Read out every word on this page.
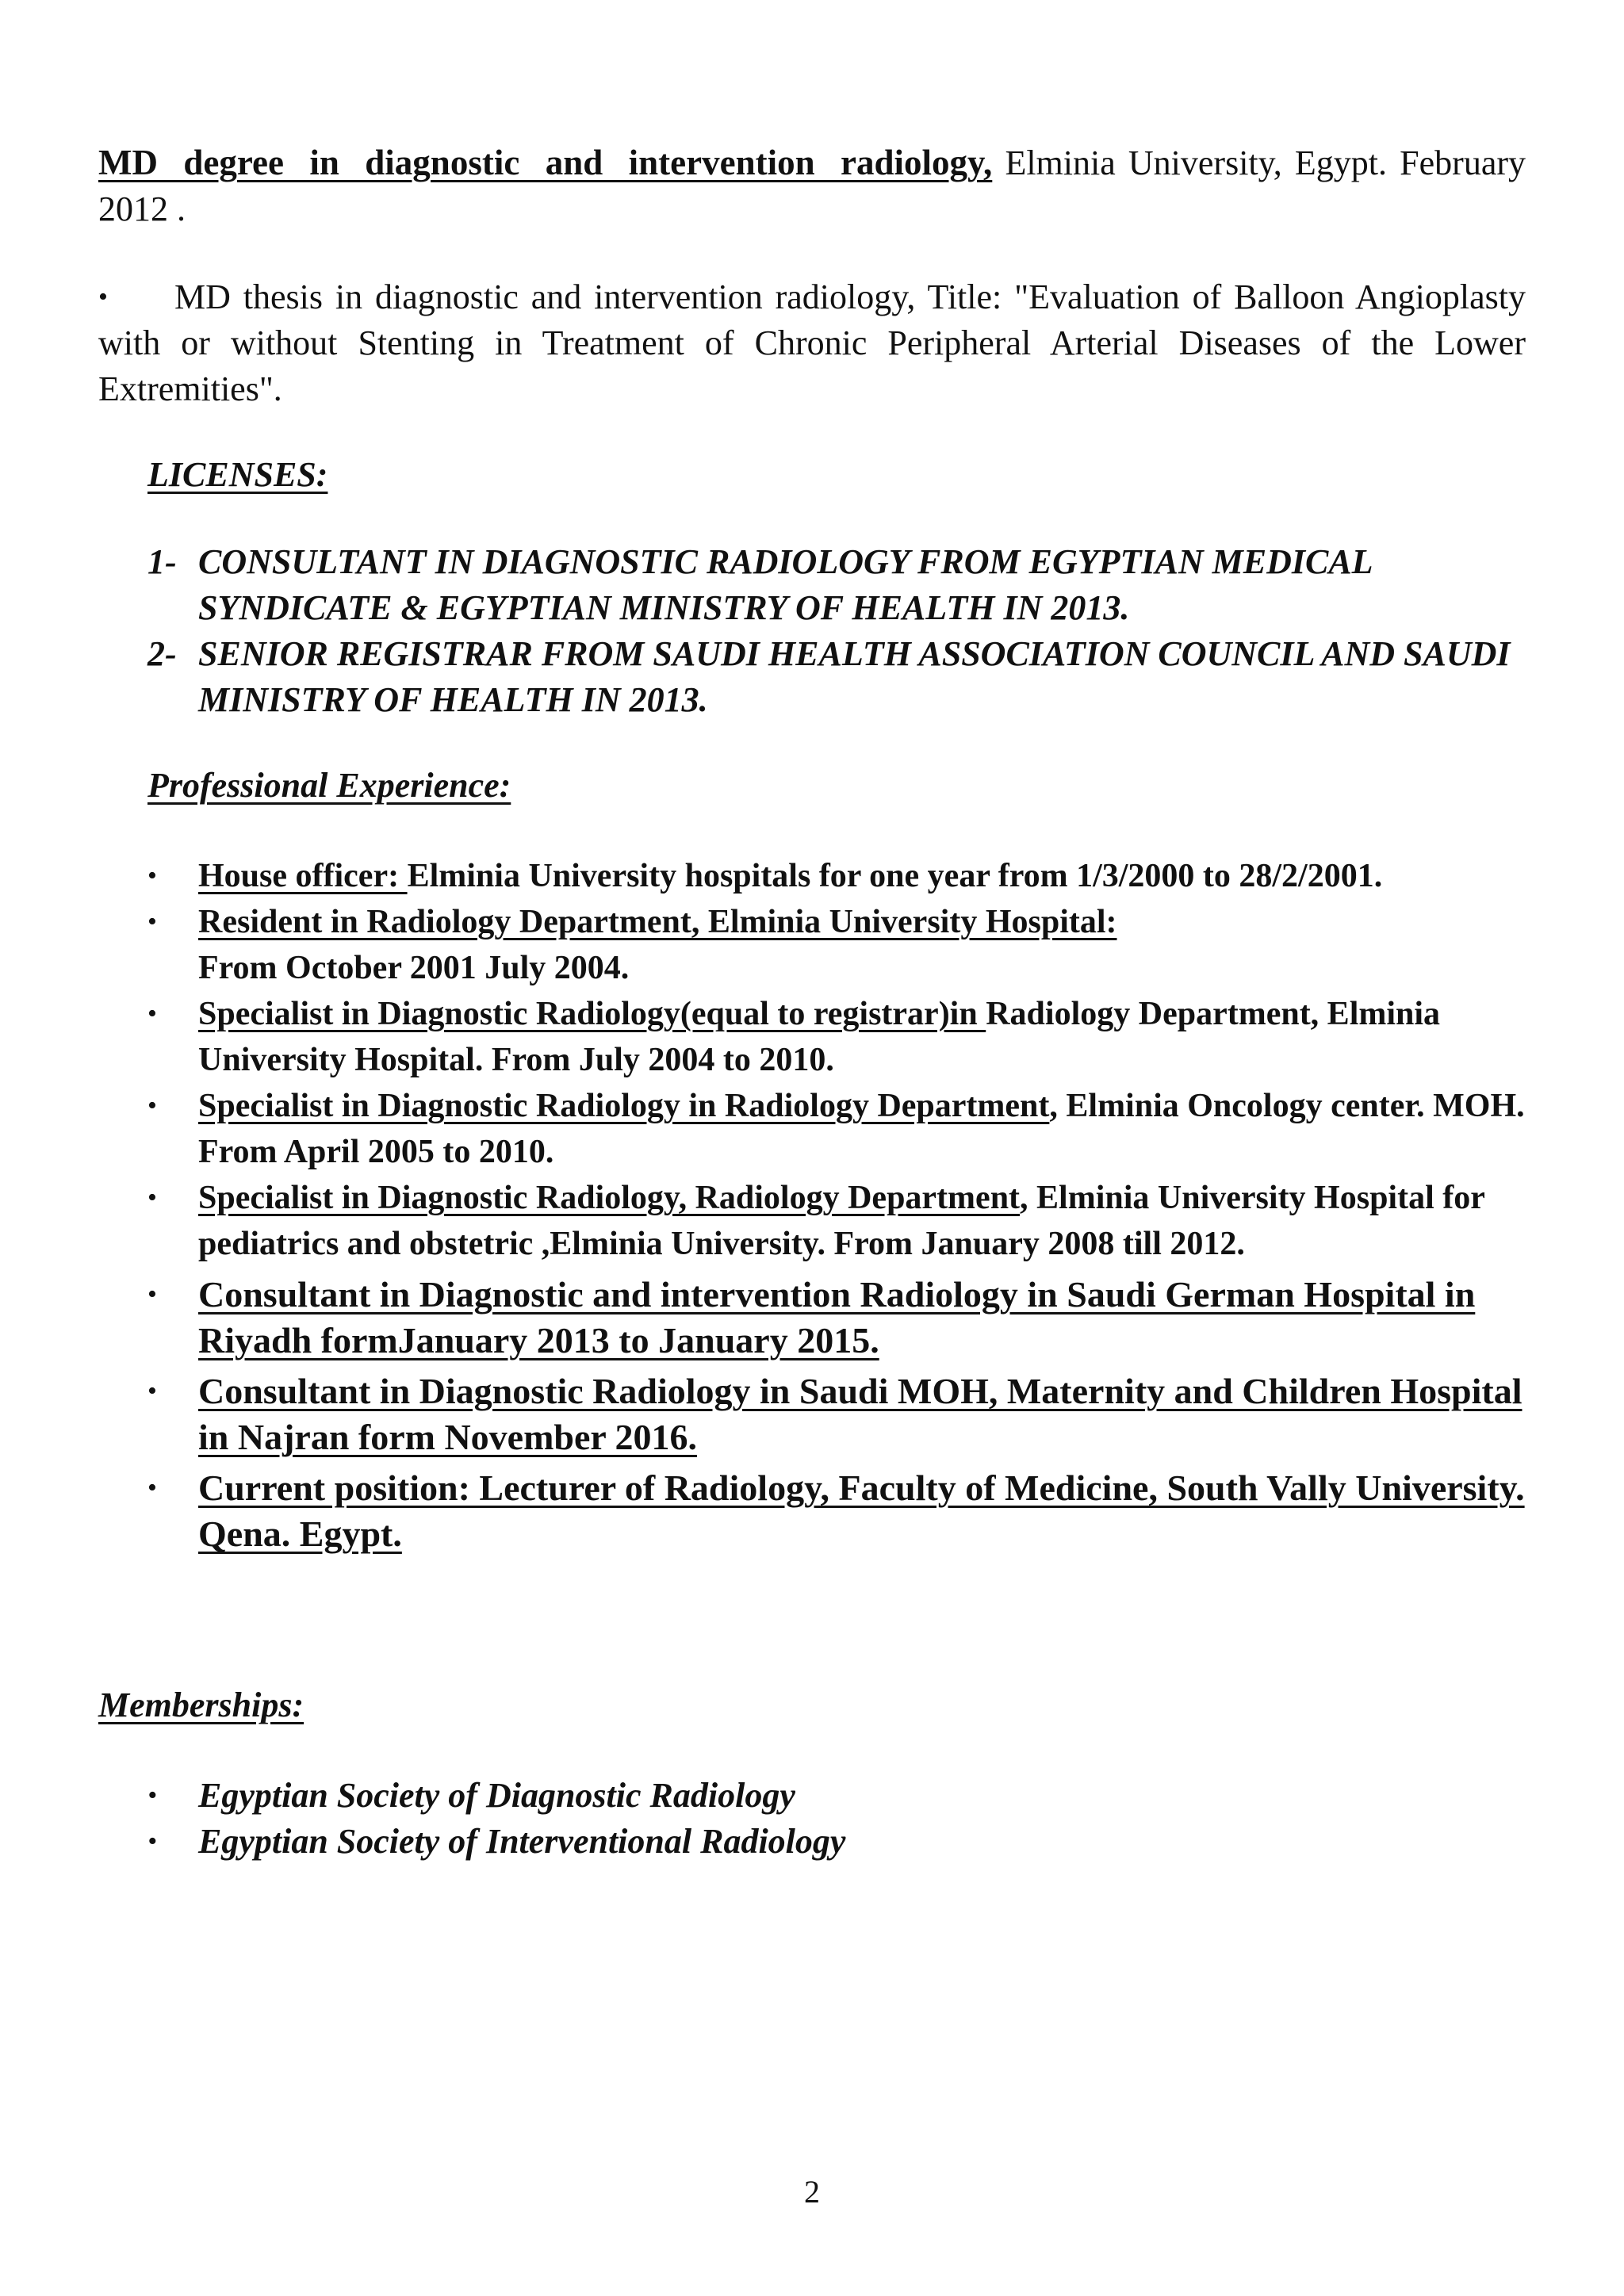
MD degree in diagnostic and intervention radiology, Elminia University, Egypt. February 2012 .
• MD thesis in diagnostic and intervention radiology, Title: "Evaluation of Balloon Angioplasty with or without Stenting in Treatment of Chronic Peripheral Arterial Diseases of the Lower Extremities".
LICENSES:
1- CONSULTANT IN DIAGNOSTIC RADIOLOGY FROM EGYPTIAN MEDICAL SYNDICATE & EGYPTIAN MINISTRY OF HEALTH IN 2013.
2- SENIOR REGISTRAR FROM SAUDI HEALTH ASSOCIATION COUNCIL AND SAUDI MINISTRY OF HEALTH IN 2013.
Professional Experience:
• House officer: Elminia University hospitals for one year from 1/3/2000 to 28/2/2001.
• Resident in Radiology Department, Elminia University Hospital:
From October 2001 July 2004.
• Specialist in Diagnostic Radiology(equal to registrar)in Radiology Department, Elminia University Hospital. From July 2004 to 2010.
• Specialist in Diagnostic Radiology in Radiology Department, Elminia Oncology center. MOH. From April 2005 to 2010.
• Specialist in Diagnostic Radiology, Radiology Department, Elminia University Hospital for pediatrics and obstetric ,Elminia University. From January 2008 till 2012.
• Consultant in Diagnostic and intervention Radiology in Saudi German Hospital in Riyadh formJanuary 2013 to January 2015.
• Consultant in Diagnostic Radiology in Saudi MOH, Maternity and Children Hospital in Najran form November 2016.
• Current position: Lecturer of Radiology, Faculty of Medicine, South Vally University. Qena. Egypt.
Memberships:
• Egyptian Society of Diagnostic Radiology
• Egyptian Society of Interventional Radiology
2
